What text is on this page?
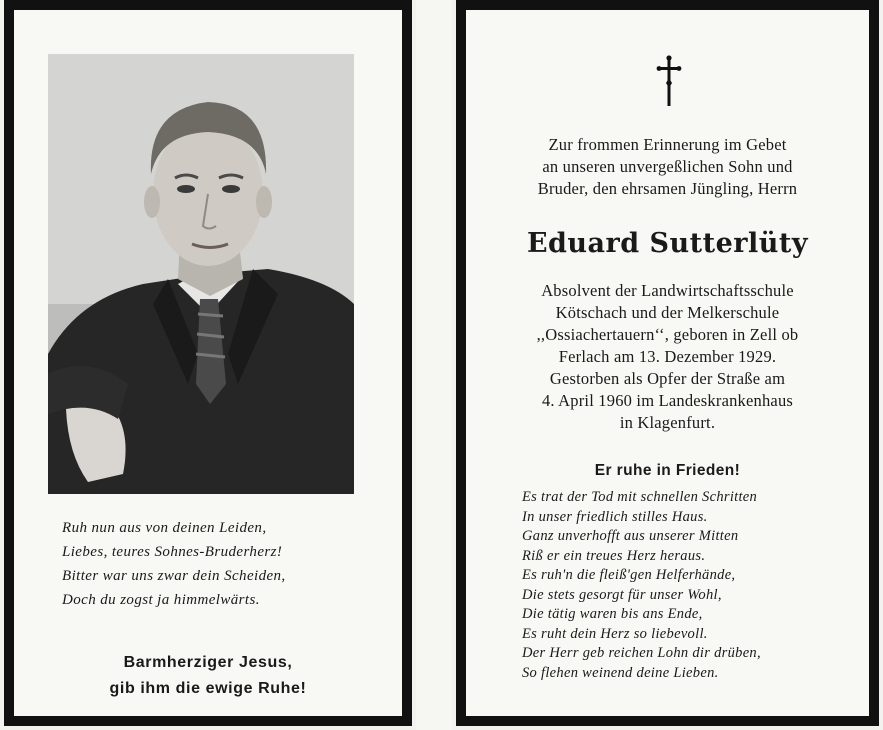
Ruh nun aus von deinen Leiden,
Liebes, teures Sohnes-Bruderherz!
Bitter war uns zwar dein Scheiden,
Doch du zogst ja himmelwärts.
Barmherziger Jesus,
gib ihm die ewige Ruhe!
Zur frommen Erinnerung im Gebet
an unseren unvergeßlichen Sohn und
Bruder, den ehrsamen Jüngling, Herrn
Eduard Sutterlüty
Absolvent der Landwirtschaftsschule
Kötschach und der Melkerschule
,,Ossiachertauern‘‘, geboren in Zell ob
Ferlach am 13. Dezember 1929.
Gestorben als Opfer der Straße am
4. April 1960 im Landeskrankenhaus
in Klagenfurt.
Er ruhe in Frieden!
Es trat der Tod mit schnellen Schritten
In unser friedlich stilles Haus.
Ganz unverhofft aus unserer Mitten
Riß er ein treues Herz heraus.
Es ruh'n die fleiß'gen Helferhände,
Die stets gesorgt für unser Wohl,
Die tätig waren bis ans Ende,
Es ruht dein Herz so liebevoll.
Der Herr geb reichen Lohn dir drüben,
So flehen weinend deine Lieben.
